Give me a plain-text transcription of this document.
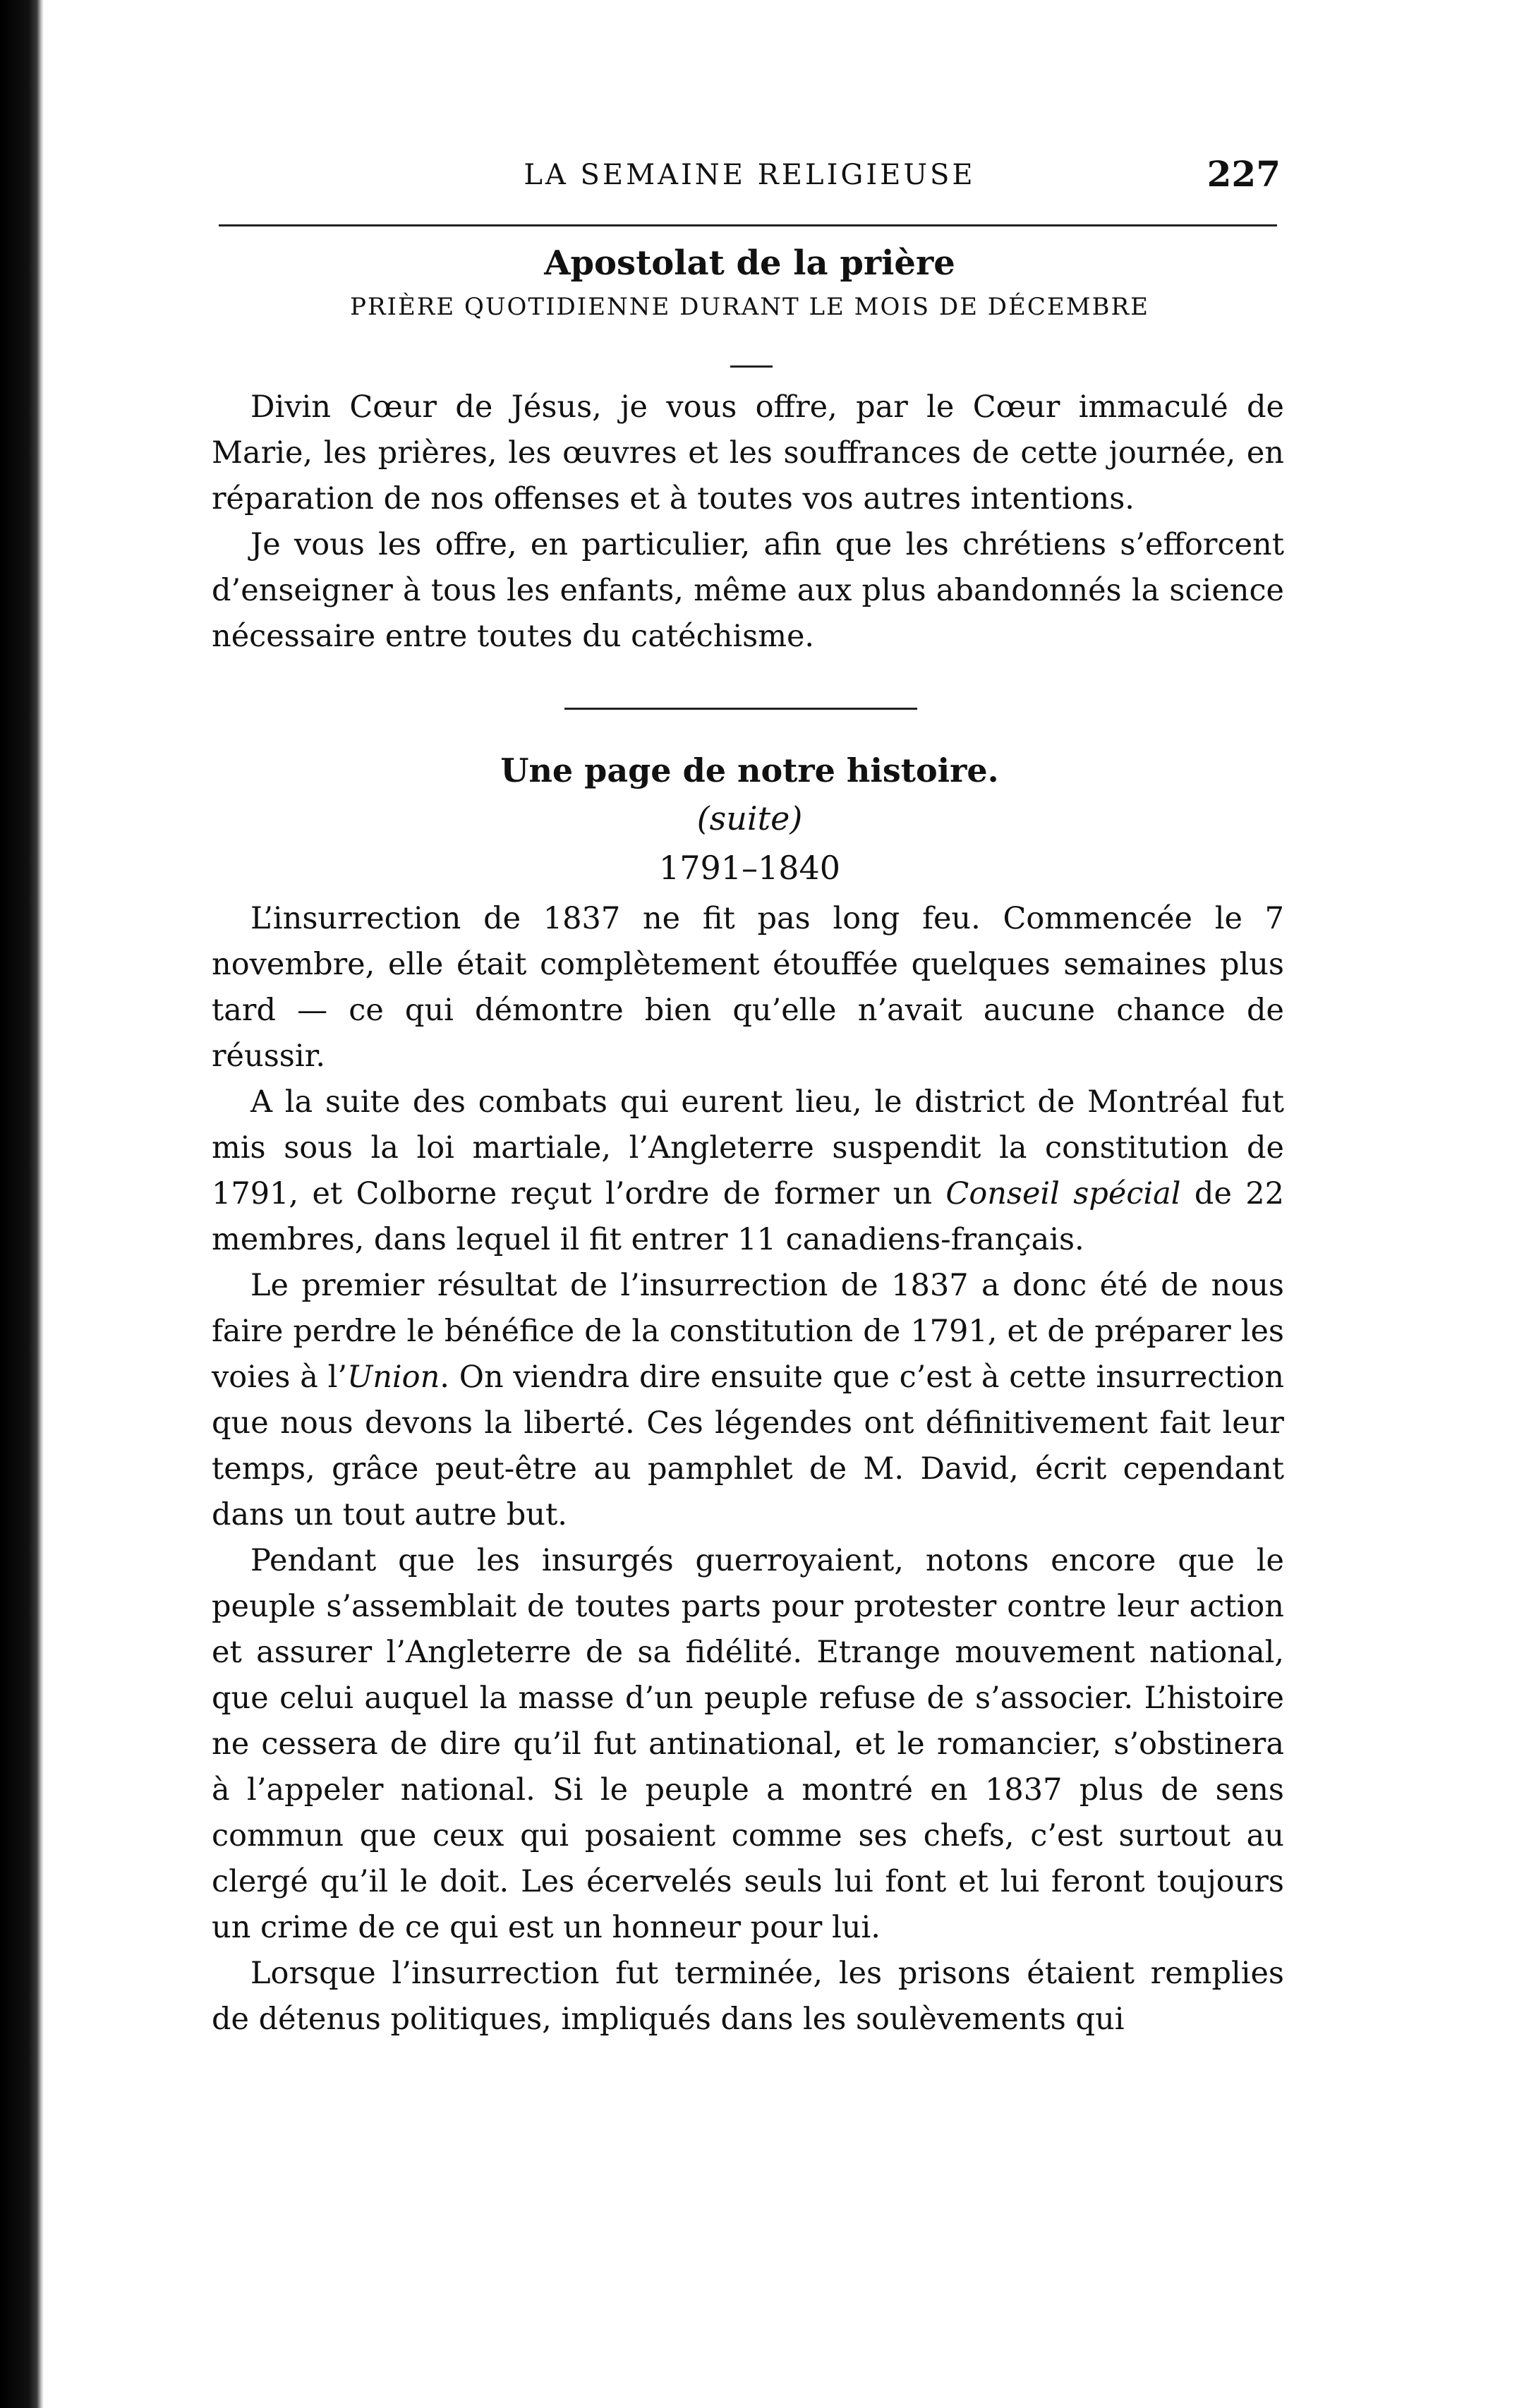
LA SEMAINE RELIGIEUSE	227
Apostolat de la prière
PRIÈRE QUOTIDIENNE DURANT LE MOIS DE DÉCEMBRE

Divin Cœur de Jésus, je vous offre, par le Cœur immaculé de Marie, les prières, les œuvres et les souffrances de cette journée, en réparation de nos offenses et à toutes vos autres intentions.

Je vous les offre, en particulier, afin que les chrétiens s’efforcent d’enseigner à tous les enfants, même aux plus abandonnés la science nécessaire entre toutes du catéchisme.

Une page de notre histoire.
(suite)
1791–1840

L’insurrection de 1837 ne fit pas long feu. Commencée le 7 novembre, elle était complètement étouffée quelques semaines plus tard — ce qui démontre bien qu’elle n’avait aucune chance de réussir.

A la suite des combats qui eurent lieu, le district de Montréal fut mis sous la loi martiale, l’Angleterre suspendit la constitution de 1791, et Colborne reçut l’ordre de former un Conseil spécial de 22 membres, dans lequel il fit entrer 11 canadiens-français.

Le premier résultat de l’insurrection de 1837 a donc été de nous faire perdre le bénéfice de la constitution de 1791, et de préparer les voies à l’Union. On viendra dire ensuite que c’est à cette insurrection que nous devons la liberté. Ces légendes ont définitivement fait leur temps, grâce peut-être au pamphlet de M. David, écrit cependant dans un tout autre but.

Pendant que les insurgés guerroyaient, notons encore que le peuple s’assemblait de toutes parts pour protester contre leur action et assurer l’Angleterre de sa fidélité. Etrange mouvement national, que celui auquel la masse d’un peuple refuse de s’associer. L’histoire ne cessera de dire qu’il fut antinational, et le romancier, s’obstinera à l’appeler national. Si le peuple a montré en 1837 plus de sens commun que ceux qui posaient comme ses chefs, c’est surtout au clergé qu’il le doit. Les écervelés seuls lui font et lui feront toujours un crime de ce qui est un honneur pour lui.

Lorsque l’insurrection fut terminée, les prisons étaient remplies de détenus politiques, impliqués dans les soulèvements qui
